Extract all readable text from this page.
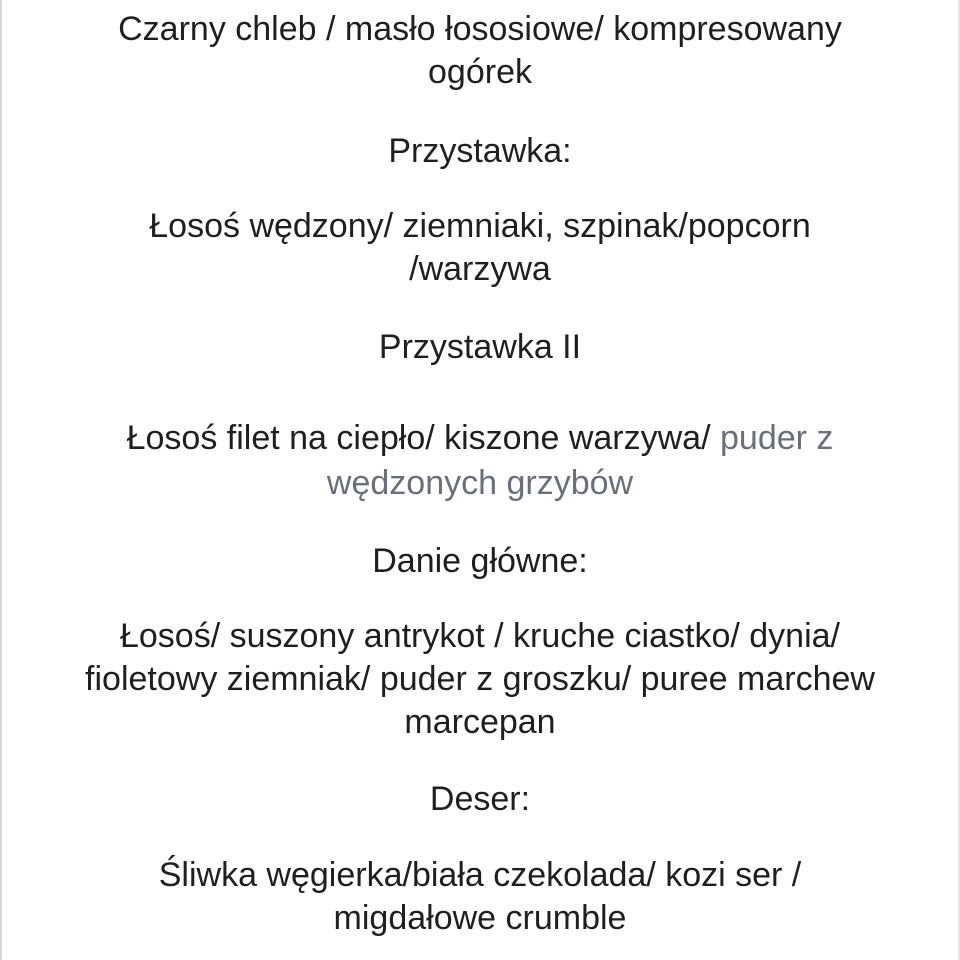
Czarny chleb / masło łososiowe/ kompresowany
ogórek
Przystawka:
Łosoś wędzony/ ziemniaki, szpinak/popcorn
/warzywa
Przystawka II
Łosoś filet na ciepło/ kiszone warzywa/ puder z
wędzonych grzybów
Danie główne:
Łosoś/ suszony antrykot / kruche ciastko/ dynia/
fioletowy ziemniak/ puder z groszku/ puree marchew
marcepan
Deser:
Śliwka węgierka/biała czekolada/ kozi ser /
migdałowe crumble
